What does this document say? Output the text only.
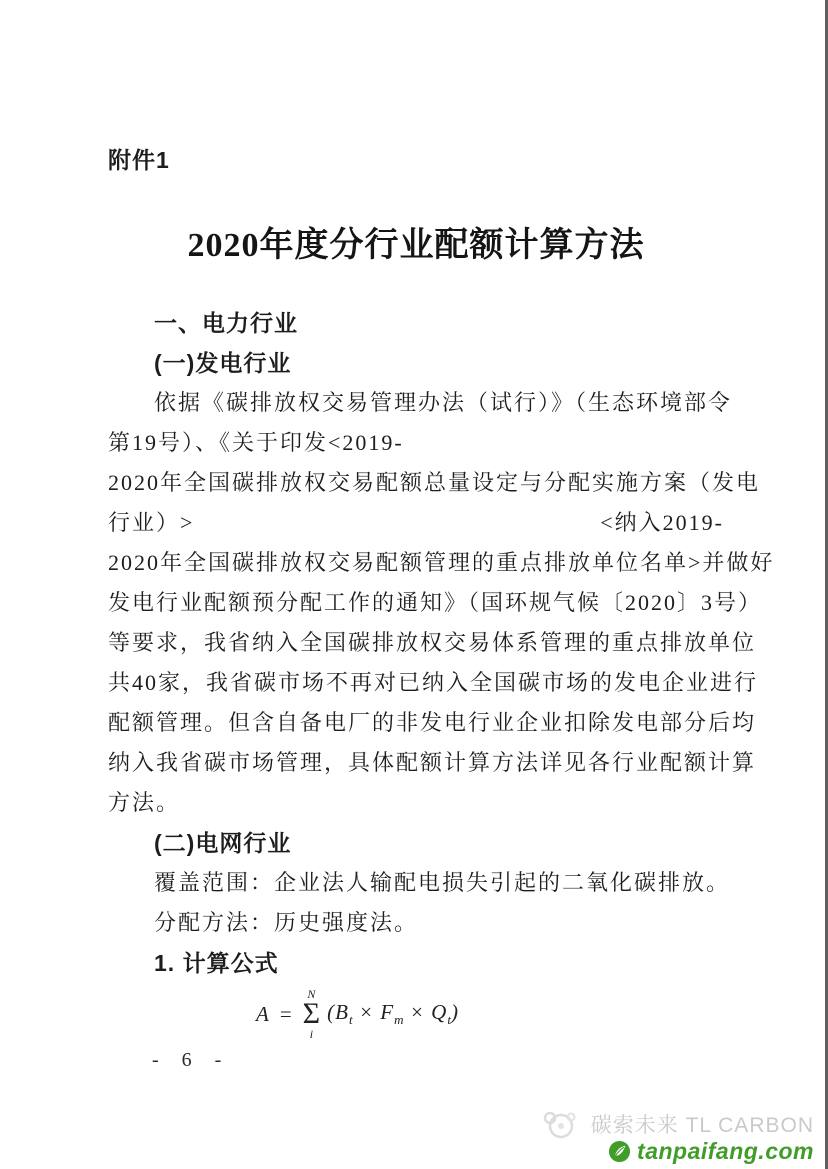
附件1
2020年度分行业配额计算方法
一、电力行业
(一)发电行业
依据《碳排放权交易管理办法（试行）》（生态环境部令
第19号）、《关于印发<2019-
2020年全国碳排放权交易配额总量设定与分配实施方案（发电
行业）>	<纳入2019-
2020年全国碳排放权交易配额管理的重点排放单位名单>并做好
发电行业配额预分配工作的通知》（国环规气候〔2020〕3号）
等要求，我省纳入全国碳排放权交易体系管理的重点排放单位
共40家，我省碳市场不再对已纳入全国碳市场的发电企业进行
配额管理。但含自备电厂的非发电行业企业扣除发电部分后均
纳入我省碳市场管理，具体配额计算方法详见各行业配额计算
方法。
(二)电网行业
覆盖范围：企业法人输配电损失引起的二氧化碳排放。
分配方法：历史强度法。
1. 计算公式
A =
N
Σ
i
$(B_t \times F_m \times Q_t)$
- 6 -
碳索未来 TL CARBON
tanpaifang.com
